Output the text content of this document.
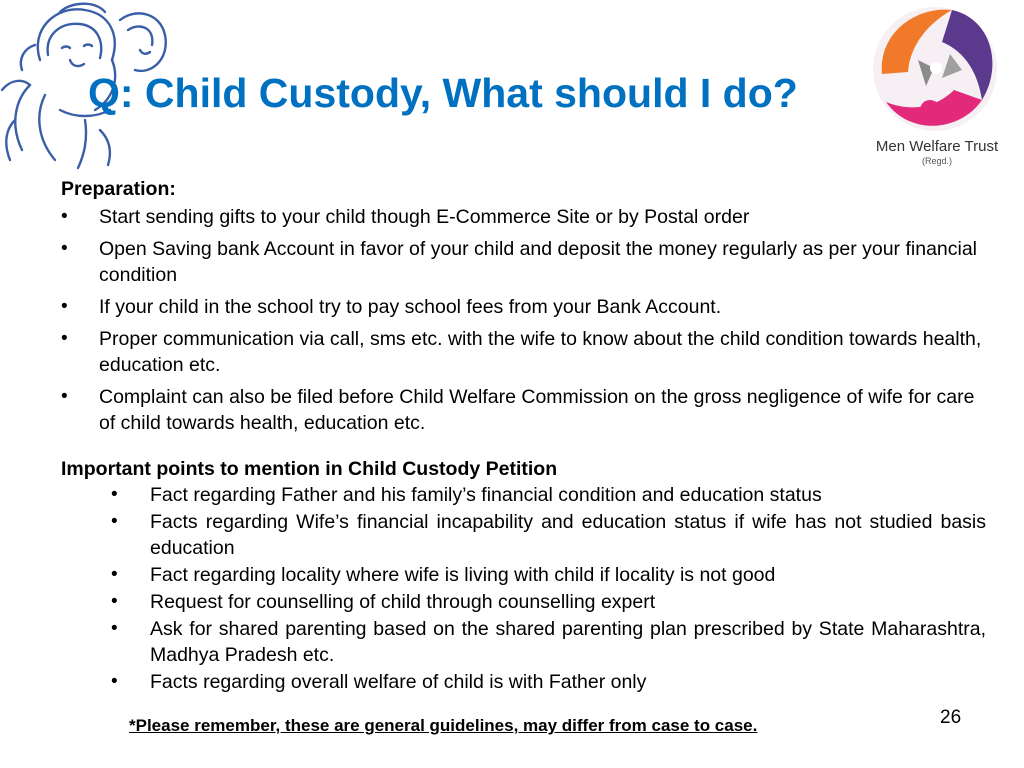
Q: Child Custody, What should I do?
Men Welfare Trust
(Regd.)
Preparation:
• Start sending gifts to your child though E-Commerce Site or by Postal order
• Open Saving bank Account in favor of your child and deposit the money regularly as per your financial condition
• If your child in the school try to pay school fees from your Bank Account.
• Proper communication via call, sms etc. with the wife to know about the child condition towards health, education etc.
• Complaint can also be filed before Child Welfare Commission on the gross negligence of wife for care of child towards health, education etc.
Important points to mention in Child Custody Petition
• Fact regarding Father and his family’s financial condition and education status
• Facts regarding Wife’s financial incapability and education status if wife has not studied basis education
• Fact regarding locality where wife is living with child if locality is not good
• Request for counselling of child through counselling expert
• Ask for shared parenting based on the shared parenting plan prescribed by State Maharashtra, Madhya Pradesh etc.
• Facts regarding overall welfare of child is with Father only
*Please remember, these are general guidelines, may differ from case to case.	26
